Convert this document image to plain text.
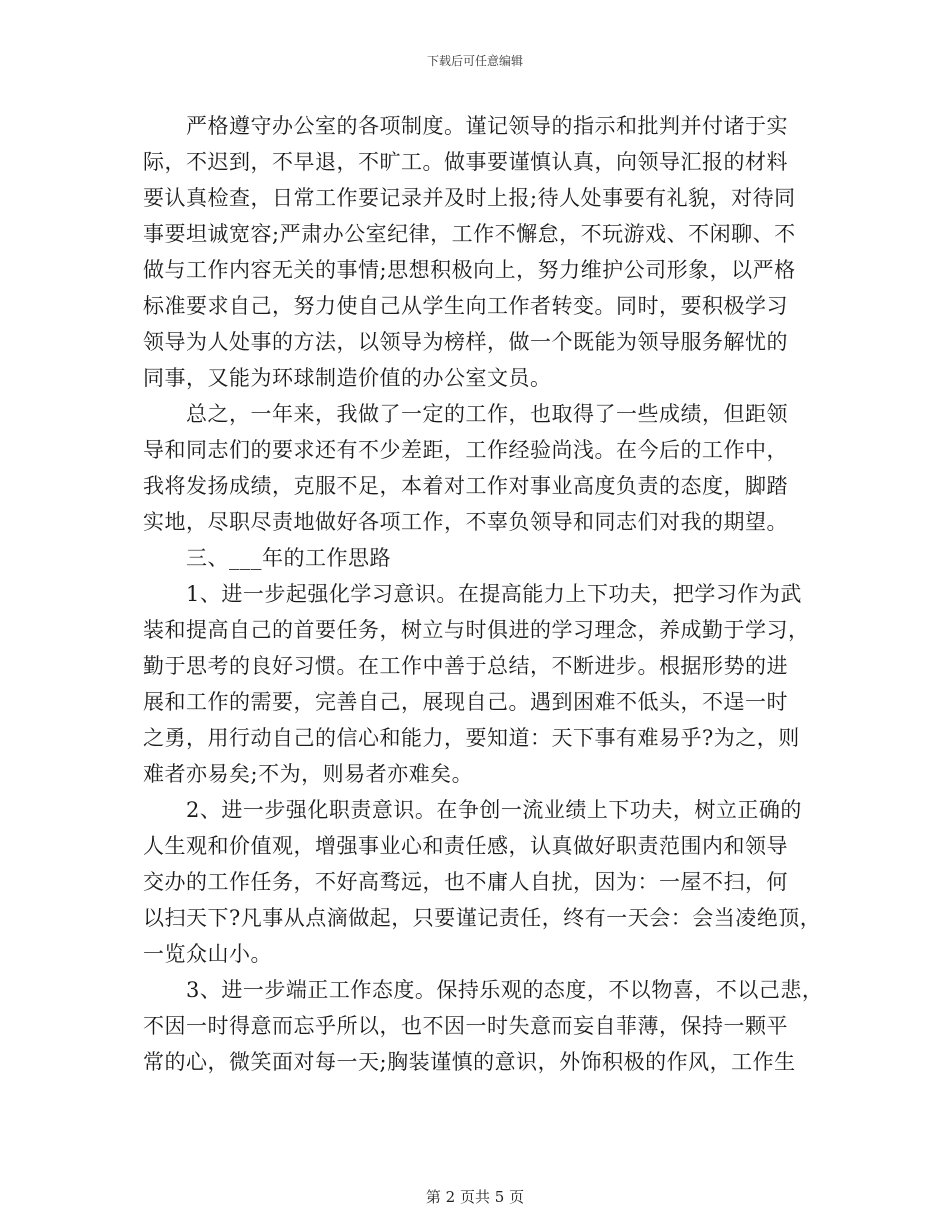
下载后可任意编辑
　　严格遵守办公室的各项制度。谨记领导的指示和批判并付诸于实
际，不迟到，不早退，不旷工。做事要谨慎认真，向领导汇报的材料
要认真检查，日常工作要记录并及时上报;待人处事要有礼貌，对待同
事要坦诚宽容;严肃办公室纪律，工作不懈怠，不玩游戏、不闲聊、不
做与工作内容无关的事情;思想积极向上，努力维护公司形象，以严格
标准要求自己，努力使自己从学生向工作者转变。同时，要积极学习
领导为人处事的方法，以领导为榜样，做一个既能为领导服务解忧的
同事，又能为环球制造价值的办公室文员。
　　总之，一年来，我做了一定的工作，也取得了一些成绩，但距领
导和同志们的要求还有不少差距，工作经验尚浅。在今后的工作中，
我将发扬成绩，克服不足，本着对工作对事业高度负责的态度，脚踏
实地，尽职尽责地做好各项工作，不辜负领导和同志们对我的期望。
　　三、___年的工作思路
　　1、进一步起强化学习意识。在提高能力上下功夫，把学习作为武
装和提高自己的首要任务，树立与时俱进的学习理念，养成勤于学习，
勤于思考的良好习惯。在工作中善于总结，不断进步。根据形势的进
展和工作的需要，完善自己，展现自己。遇到困难不低头，不逞一时
之勇，用行动自己的信心和能力，要知道：天下事有难易乎?为之，则
难者亦易矣;不为，则易者亦难矣。
　　2、进一步强化职责意识。在争创一流业绩上下功夫，树立正确的
人生观和价值观，增强事业心和责任感，认真做好职责范围内和领导
交办的工作任务，不好高骛远，也不庸人自扰，因为：一屋不扫，何
以扫天下?凡事从点滴做起，只要谨记责任，终有一天会：会当凌绝顶，
一览众山小。
　　3、进一步端正工作态度。保持乐观的态度，不以物喜，不以己悲，
不因一时得意而忘乎所以，也不因一时失意而妄自菲薄，保持一颗平
常的心，微笑面对每一天;胸装谨慎的意识，外饰积极的作风，工作生
第 2 页共 5 页
